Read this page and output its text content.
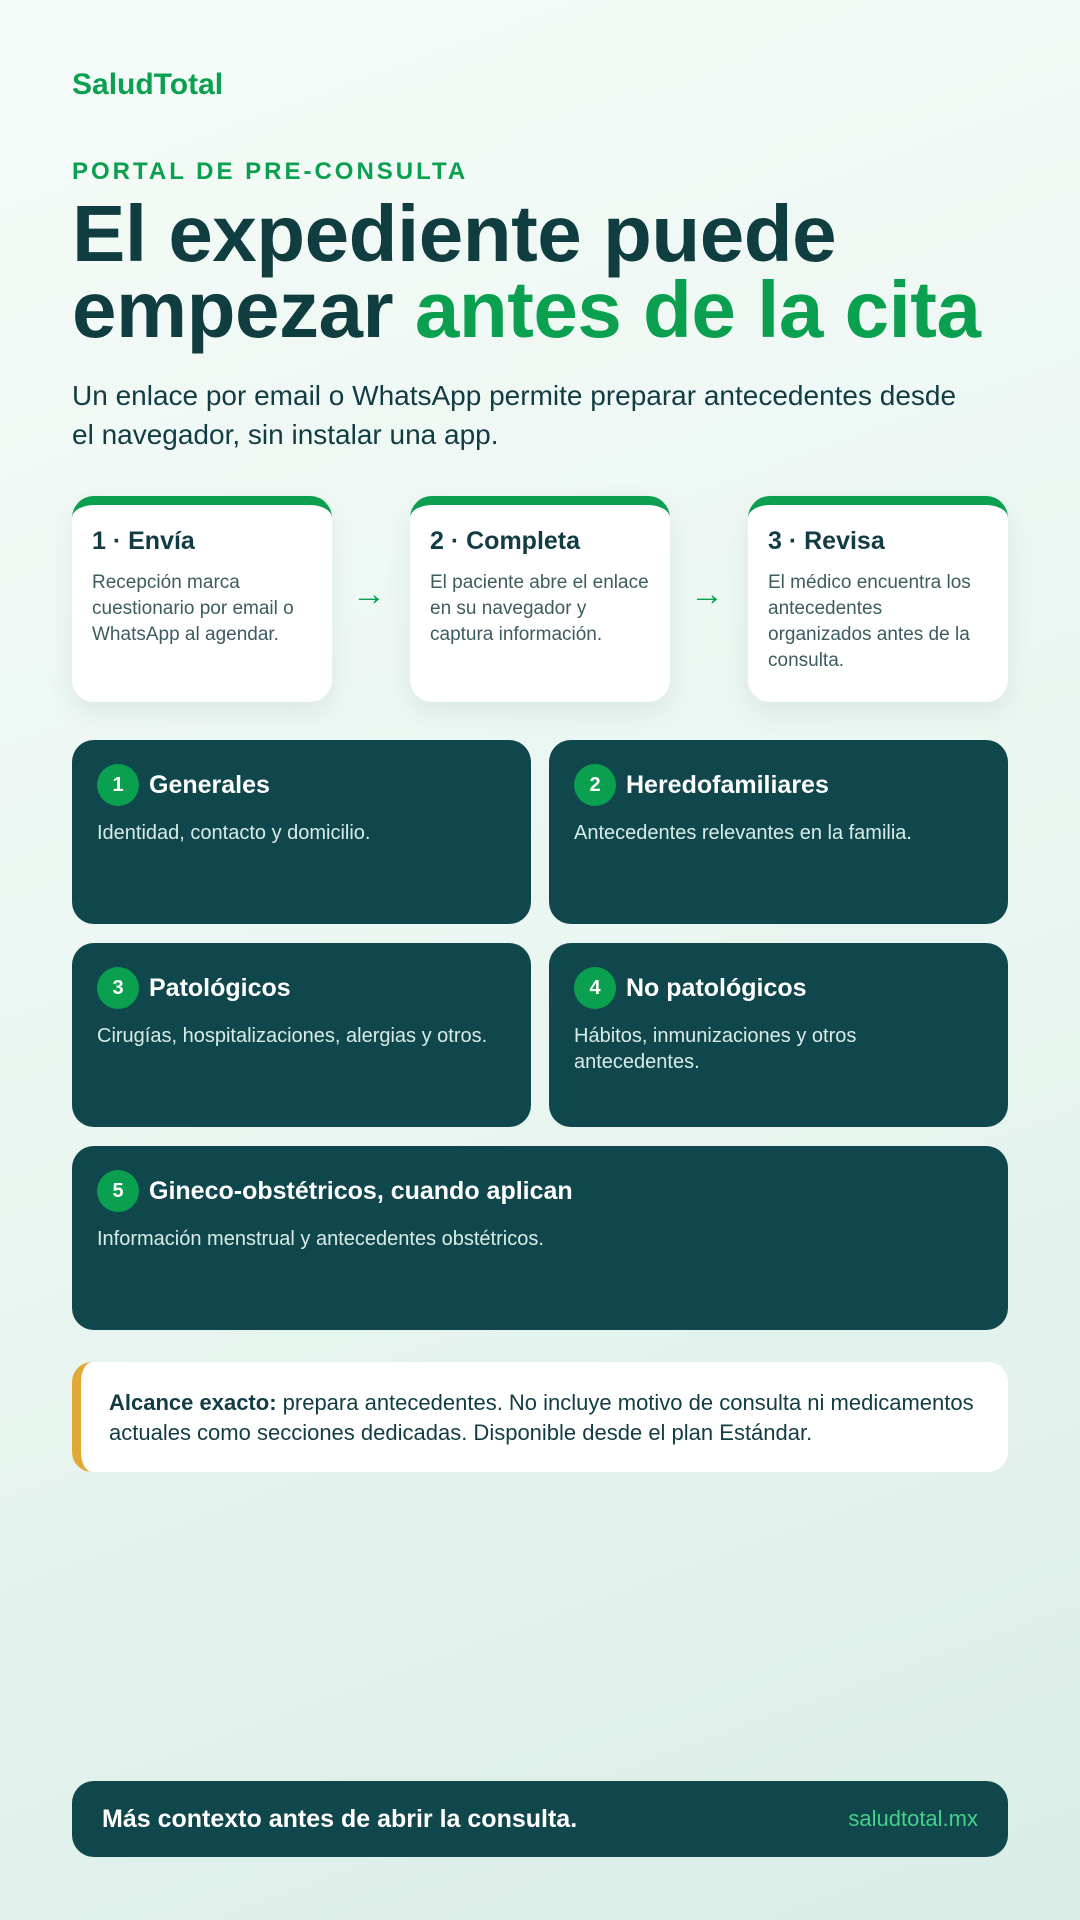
SaludTotal
PORTAL DE PRE-CONSULTA
El expediente puede empezar antes de la cita
Un enlace por email o WhatsApp permite preparar antecedentes desde el navegador, sin instalar una app.
1 · Envía
Recepción marca cuestionario por email o WhatsApp al agendar.
→
2 · Completa
El paciente abre el enlace en su navegador y captura información.
→
3 · Revisa
El médico encuentra los antecedentes organizados antes de la consulta.
1	Generales
Identidad, contacto y domicilio.
2	Heredofamiliares
Antecedentes relevantes en la familia.
3	Patológicos
Cirugías, hospitalizaciones, alergias y otros.
4	No patológicos
Hábitos, inmunizaciones y otros antecedentes.
5	Gineco-obstétricos, cuando aplican
Información menstrual y antecedentes obstétricos.
Alcance exacto: prepara antecedentes. No incluye motivo de consulta ni medicamentos actuales como secciones dedicadas. Disponible desde el plan Estándar.
Más contexto antes de abrir la consulta.	saludtotal.mx
